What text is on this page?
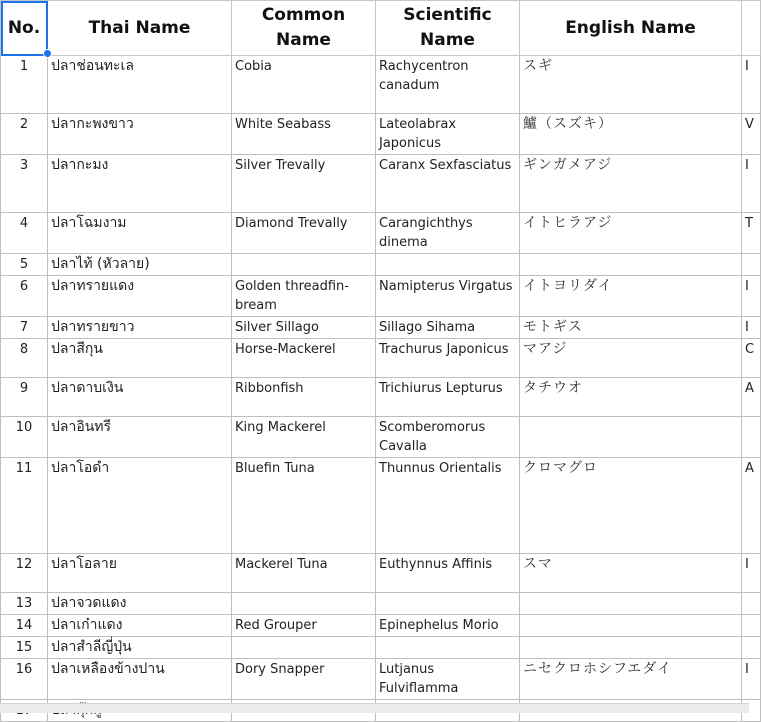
No.	Thai Name	Common Name	Scientific Name	English Name	
1	ปลาช่อนทะเล	Cobia	Rachycentron canadum	スギ	I
2	ปลากะพงขาว	White Seabass	Lateolabrax Japonicus	鱸（スズキ）	V
3	ปลากะมง	Silver Trevally	Caranx Sexfasciatus	ギンガメアジ	I
4	ปลาโฉมงาม	Diamond Trevally	Carangichthys dinema	イトヒラアジ	T
5	ปลาไท้ (หัวลาย)				
6	ปลาทรายแดง	Golden threadfin-bream	Namipterus Virgatus	イトヨリダイ	I
7	ปลาทรายขาว	Silver Sillago	Sillago Sihama	モトギス	I
8	ปลาสีกุน	Horse-Mackerel	Trachurus Japonicus	マアジ	C
9	ปลาดาบเงิน	Ribbonfish	Trichiurus Lepturus	タチウオ	A
10	ปลาอินทรี	King Mackerel	Scomberomorus Cavalla		
11	ปลาโอดำ	Bluefin Tuna	Thunnus Orientalis	クロマグロ	A
12	ปลาโอลาย	Mackerel Tuna	Euthynnus Affinis	スマ	I
13	ปลาจวดแดง				
14	ปลาเก๋าแดง	Red Grouper	Epinephelus Morio		
15	ปลาสำลีญี่ปุ่น				
16	ปลาเหลืองข้างปาน	Dory Snapper	Lutjanus Fulviflamma	ニセクロホシフエダイ	I
